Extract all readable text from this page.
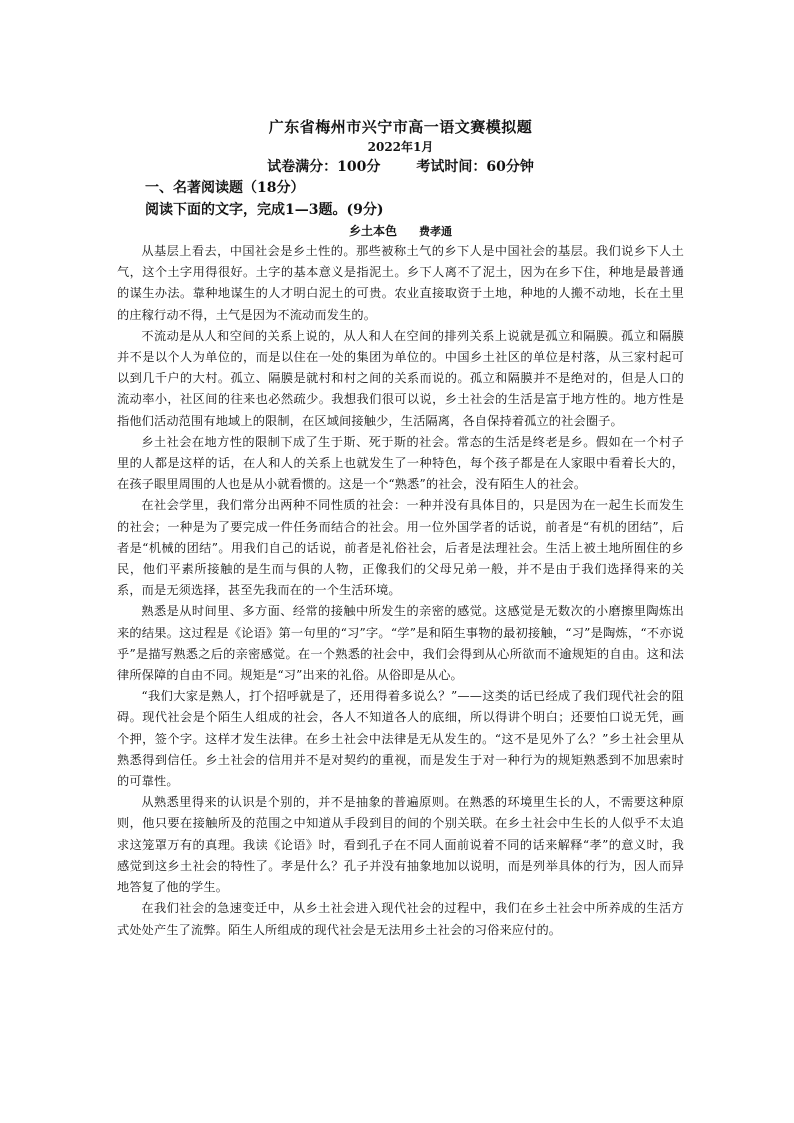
广东省梅州市兴宁市高一语文赛模拟题

2022年1月

试卷满分：100分	考试时间：60分钟

一、名著阅读题（18分）

阅读下面的文字，完成1—3题。(9分)

乡土本色 费孝通

从基层上看去，中国社会是乡土性的。那些被称土气的乡下人是中国社会的基层。我们说乡下人土气，这个土字用得很好。土字的基本意义是指泥土。乡下人离不了泥土，因为在乡下住，种地是最普通的谋生办法。靠种地谋生的人才明白泥土的可贵。农业直接取资于土地，种地的人搬不动地，长在土里的庄稼行动不得，土气是因为不流动而发生的。

不流动是从人和空间的关系上说的，从人和人在空间的排列关系上说就是孤立和隔膜。孤立和隔膜并不是以个人为单位的，而是以住在一处的集团为单位的。中国乡土社区的单位是村落，从三家村起可以到几千户的大村。孤立、隔膜是就村和村之间的关系而说的。孤立和隔膜并不是绝对的，但是人口的流动率小，社区间的往来也必然疏少。我想我们很可以说，乡土社会的生活是富于地方性的。地方性是指他们活动范围有地域上的限制，在区域间接触少，生活隔离，各自保持着孤立的社会圈子。

乡土社会在地方性的限制下成了生于斯、死于斯的社会。常态的生活是终老是乡。假如在一个村子里的人都是这样的话，在人和人的关系上也就发生了一种特色，每个孩子都是在人家眼中看着长大的，在孩子眼里周围的人也是从小就看惯的。这是一个“熟悉”的社会，没有陌生人的社会。

在社会学里，我们常分出两种不同性质的社会：一种并没有具体目的，只是因为在一起生长而发生的社会；一种是为了要完成一件任务而结合的社会。用一位外国学者的话说，前者是“有机的团结”，后者是“机械的团结”。用我们自己的话说，前者是礼俗社会，后者是法理社会。生活上被土地所囿住的乡民，他们平素所接触的是生而与俱的人物，正像我们的父母兄弟一般，并不是由于我们选择得来的关系，而是无须选择，甚至先我而在的一个生活环境。

熟悉是从时间里、多方面、经常的接触中所发生的亲密的感觉。这感觉是无数次的小磨擦里陶炼出来的结果。这过程是《论语》第一句里的“习”字。“学”是和陌生事物的最初接触，“习”是陶炼，“不亦说乎”是描写熟悉之后的亲密感觉。在一个熟悉的社会中，我们会得到从心所欲而不逾规矩的自由。这和法律所保障的自由不同。规矩是“习”出来的礼俗。从俗即是从心。

“我们大家是熟人，打个招呼就是了，还用得着多说么？”——这类的话已经成了我们现代社会的阻碍。现代社会是个陌生人组成的社会，各人不知道各人的底细，所以得讲个明白；还要怕口说无凭，画个押，签个字。这样才发生法律。在乡土社会中法律是无从发生的。“这不是见外了么？”乡土社会里从熟悉得到信任。乡土社会的信用并不是对契约的重视，而是发生于对一种行为的规矩熟悉到不加思索时的可靠性。

从熟悉里得来的认识是个别的，并不是抽象的普遍原则。在熟悉的环境里生长的人，不需要这种原则，他只要在接触所及的范围之中知道从手段到目的间的个别关联。在乡土社会中生长的人似乎不太追求这笼罩万有的真理。我读《论语》时，看到孔子在不同人面前说着不同的话来解释“孝”的意义时，我感觉到这乡土社会的特性了。孝是什么？孔子并没有抽象地加以说明，而是列举具体的行为，因人而异地答复了他的学生。

在我们社会的急速变迁中，从乡土社会进入现代社会的过程中，我们在乡土社会中所养成的生活方式处处产生了流弊。陌生人所组成的现代社会是无法用乡土社会的习俗来应付的。
